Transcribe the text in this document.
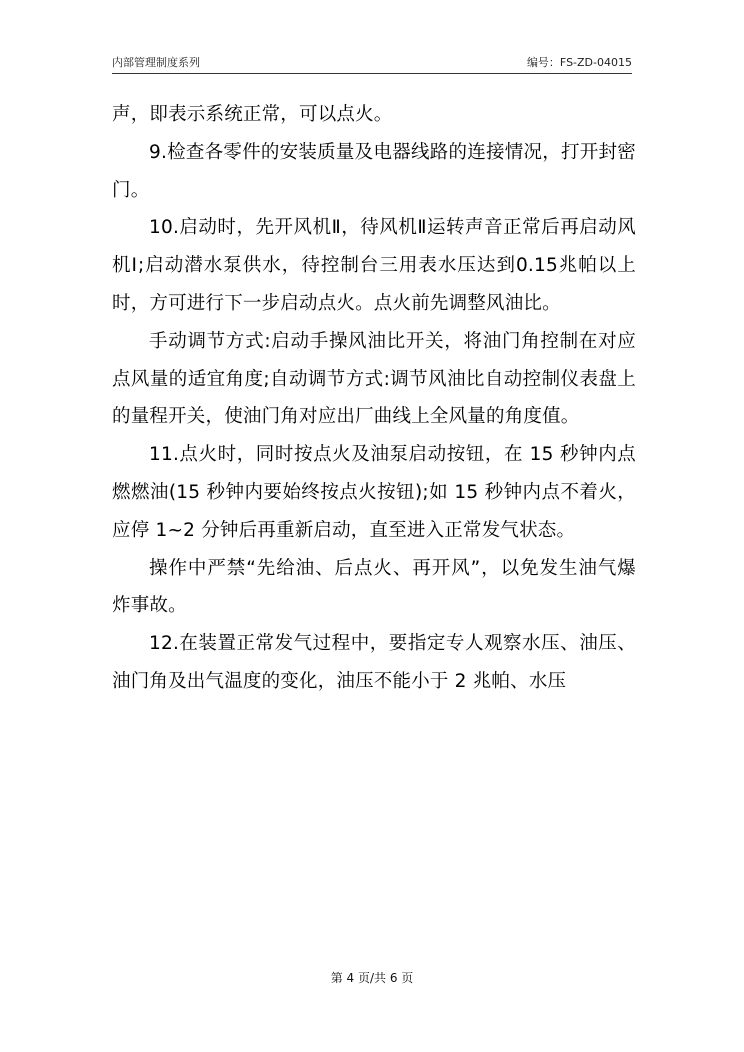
内部管理制度系列	编号：FS-ZD-04015

声，即表示系统正常，可以点火。

9.检查各零件的安装质量及电器线路的连接情况，打开封密门。

10.启动时，先开风机Ⅱ，待风机Ⅱ运转声音正常后再启动风机Ⅰ;启动潜水泵供水，待控制台三用表水压达到0.15兆帕以上时，方可进行下一步启动点火。点火前先调整风油比。

手动调节方式:启动手操风油比开关，将油门角控制在对应点风量的适宜角度;自动调节方式:调节风油比自动控制仪表盘上的量程开关，使油门角对应出厂曲线上全风量的角度值。

11.点火时，同时按点火及油泵启动按钮，在 15 秒钟内点燃燃油(15 秒钟内要始终按点火按钮);如 15 秒钟内点不着火，应停 1~2 分钟后再重新启动，直至进入正常发气状态。

操作中严禁“先给油、后点火、再开风”，以免发生油气爆炸事故。

12.在装置正常发气过程中，要指定专人观察水压、油压、油门角及出气温度的变化，油压不能小于 2 兆帕、水压

第 4 页/共 6 页
